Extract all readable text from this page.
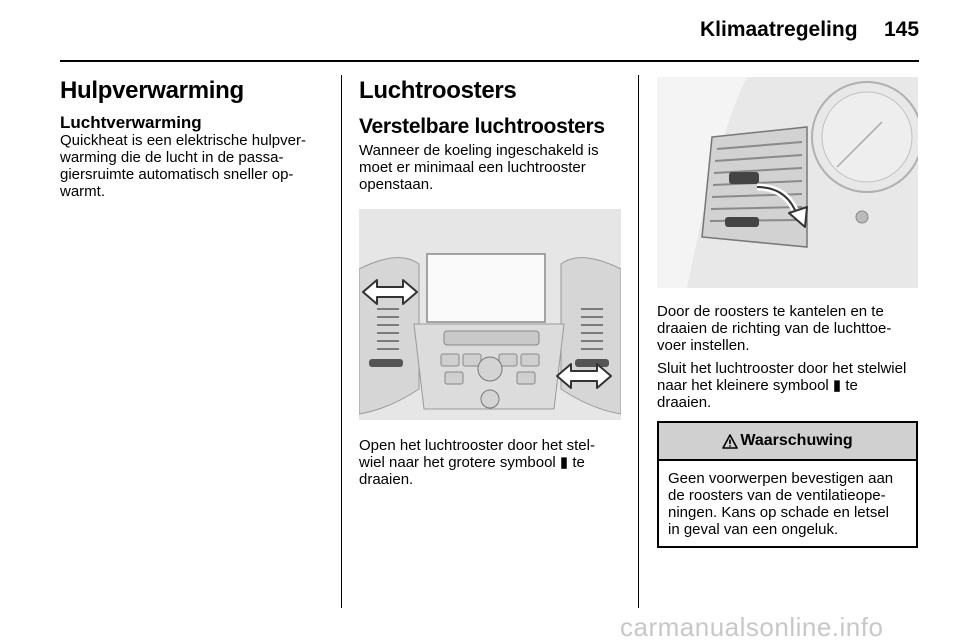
Klimaatregeling 145

Hulpverwarming

Luchtverwarming

Quickheat is een elektrische hulpver-

warming die de lucht in de passa-

giersruimte automatisch sneller op-

warmt.

Luchtroosters

Verstelbare luchtroosters

Wanneer de koeling ingeschakeld is

moet er minimaal een luchtrooster

openstaan.

Open het luchtrooster door het stel-

wiel naar het grotere symbool ▮ te

draaien.

Door de roosters te kantelen en te

draaien de richting van de luchttoe-

voer instellen.

Sluit het luchtrooster door het stelwiel

naar het kleinere symbool ▮ te

draaien.

Waarschuwing

Geen voorwerpen bevestigen aan

de roosters van de ventilatieope-

ningen. Kans op schade en letsel

in geval van een ongeluk.

carmanualsonline.info
